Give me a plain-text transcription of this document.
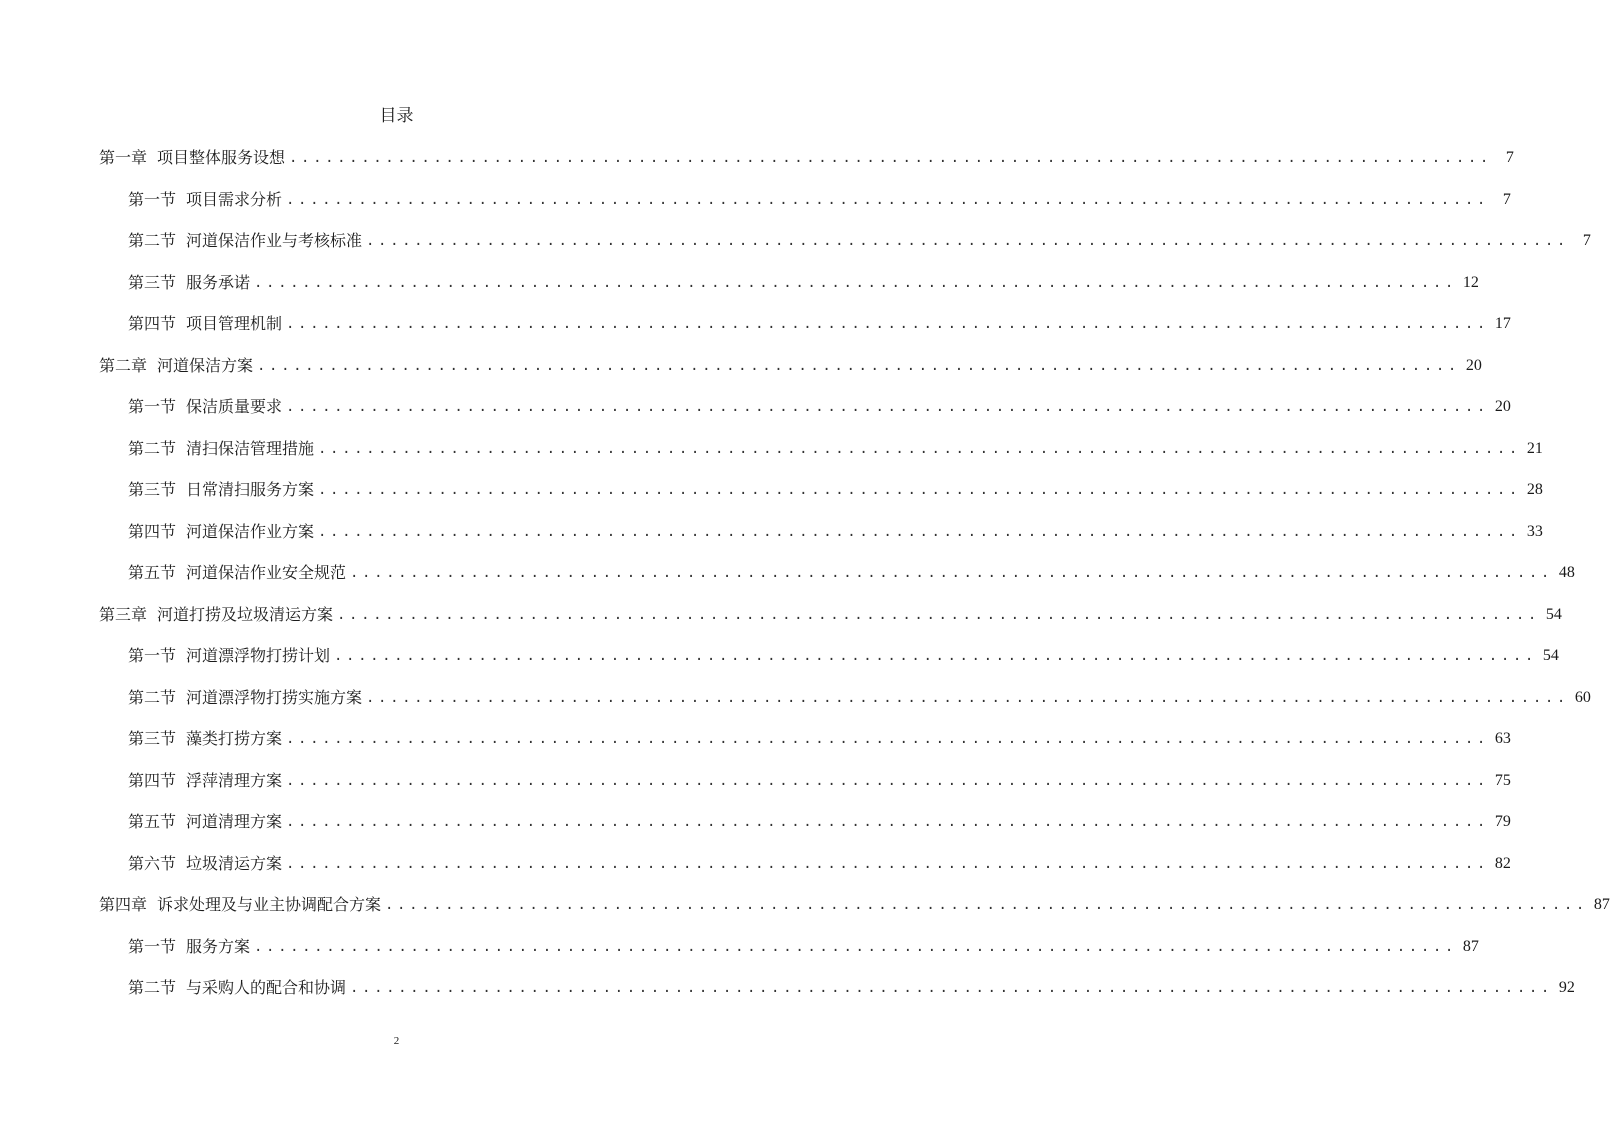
目录
第一章 项目整体服务设想 .................................................................................................... 7
第一节 项目需求分析 .................................................................................................... 7
第二节 河道保洁作业与考核标准 .................................................................................................... 7
第三节 服务承诺 .................................................................................................... 12
第四节 项目管理机制 .................................................................................................... 17
第二章 河道保洁方案 .................................................................................................... 20
第一节 保洁质量要求 .................................................................................................... 20
第二节 清扫保洁管理措施 .................................................................................................... 21
第三节 日常清扫服务方案 .................................................................................................... 28
第四节 河道保洁作业方案 .................................................................................................... 33
第五节 河道保洁作业安全规范 .................................................................................................... 48
第三章 河道打捞及垃圾清运方案 .................................................................................................... 54
第一节 河道漂浮物打捞计划 .................................................................................................... 54
第二节 河道漂浮物打捞实施方案 .................................................................................................... 60
第三节 藻类打捞方案 .................................................................................................... 63
第四节 浮萍清理方案 .................................................................................................... 75
第五节 河道清理方案 .................................................................................................... 79
第六节 垃圾清运方案 .................................................................................................... 82
第四章 诉求处理及与业主协调配合方案 .................................................................................................... 87
第一节 服务方案 .................................................................................................... 87
第二节 与采购人的配合和协调 .................................................................................................... 92
2
